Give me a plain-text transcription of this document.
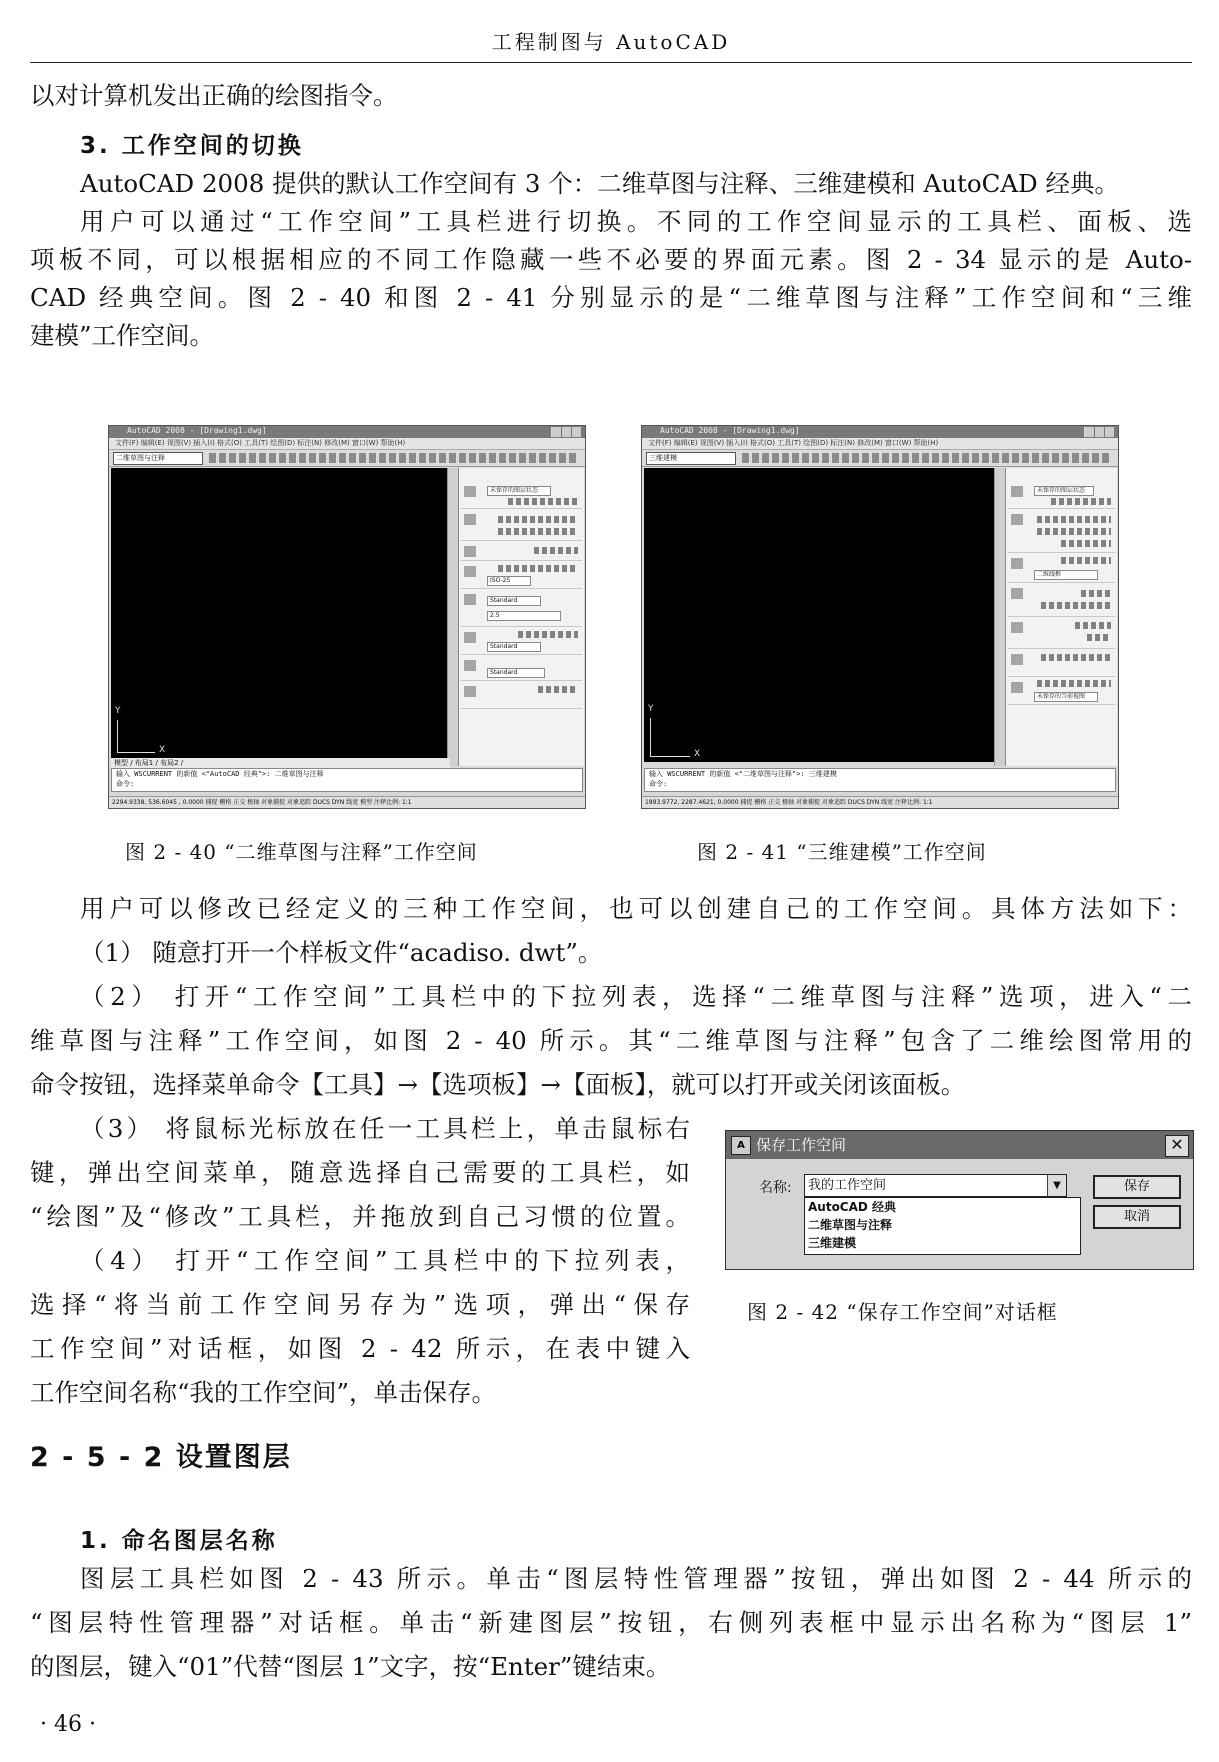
工程制图与 AutoCAD
以对计算机发出正确的绘图指令。
3. 工作空间的切换
AutoCAD 2008 提供的默认工作空间有 3 个：二维草图与注释、三维建模和 AutoCAD 经典。
用户可以通过“工作空间”工具栏进行切换。不同的工作空间显示的工具栏、面板、选
项板不同，可以根据相应的不同工作隐藏一些不必要的界面元素。图 2 - 34 显示的是 Auto-
CAD 经典空间。图 2 - 40 和图 2 - 41 分别显示的是“二维草图与注释”工作空间和“三维
建模”工作空间。
AutoCAD 2008 - [Drawing1.dwg]
文件(F) 编辑(E) 视图(V) 插入(I) 格式(O) 工具(T) 绘图(D) 标注(N) 修改(M) 窗口(W) 帮助(H)
二维草图与注释
Y
X
模型 / 布局1 / 布局2 /
未保存的图层状态
ISO-25
Standard
2.5
Standard
Standard
输入 WSCURRENT 的新值 <"AutoCAD 经典">: 二维草图与注释
命令:
2294.9338, 536.6045 , 0.0000 捕捉 栅格 正交 极轴 对象捕捉 对象追踪 DUCS DYN 线宽 模型 注释比例: 1:1
图 2 - 40 “二维草图与注释”工作空间
AutoCAD 2008 - [Drawing1.dwg]
文件(F) 编辑(E) 视图(V) 插入(I) 格式(O) 工具(T) 绘图(D) 标注(N) 修改(M) 窗口(W) 帮助(H)
三维建模
Y
X
未保存的图层状态
二维线框
未保存的当前视图
输入 WSCURRENT 的新值 <"二维草图与注释">: 三维建模
命令:
1893.9772, 2287.4621, 0.0000 捕捉 栅格 正交 极轴 对象捕捉 对象追踪 DUCS DYN 线宽 注释比例: 1:1
图 2 - 41 “三维建模”工作空间
用户可以修改已经定义的三种工作空间，也可以创建自己的工作空间。具体方法如下：
（1） 随意打开一个样板文件“acadiso. dwt”。
（2） 打开“工作空间”工具栏中的下拉列表，选择“二维草图与注释”选项，进入“二
维草图与注释”工作空间，如图 2 - 40 所示。其“二维草图与注释”包含了二维绘图常用的
命令按钮，选择菜单命令【工具】→【选项板】→【面板】，就可以打开或关闭该面板。
（3） 将鼠标光标放在任一工具栏上，单击鼠标右
键，弹出空间菜单，随意选择自己需要的工具栏，如
“绘图”及“修改”工具栏，并拖放到自己习惯的位置。
（4） 打开“工作空间”工具栏中的下拉列表，
选择“将当前工作空间另存为”选项，弹出“保存
工作空间”对话框，如图 2 - 42 所示，在表中键入
工作空间名称“我的工作空间”，单击保存。
A 保存工作空间	✕
名称:	我的工作空间	▼
AutoCAD 经典
二维草图与注释
三维建模
保存
取消
图 2 - 42 “保存工作空间”对话框
2 - 5 - 2 设置图层
1. 命名图层名称
图层工具栏如图 2 - 43 所示。单击“图层特性管理器”按钮，弹出如图 2 - 44 所示的
“图层特性管理器”对话框。单击“新建图层”按钮，右侧列表框中显示出名称为“图层 1”
的图层，键入“01”代替“图层 1”文字，按“Enter”键结束。
· 46 ·
